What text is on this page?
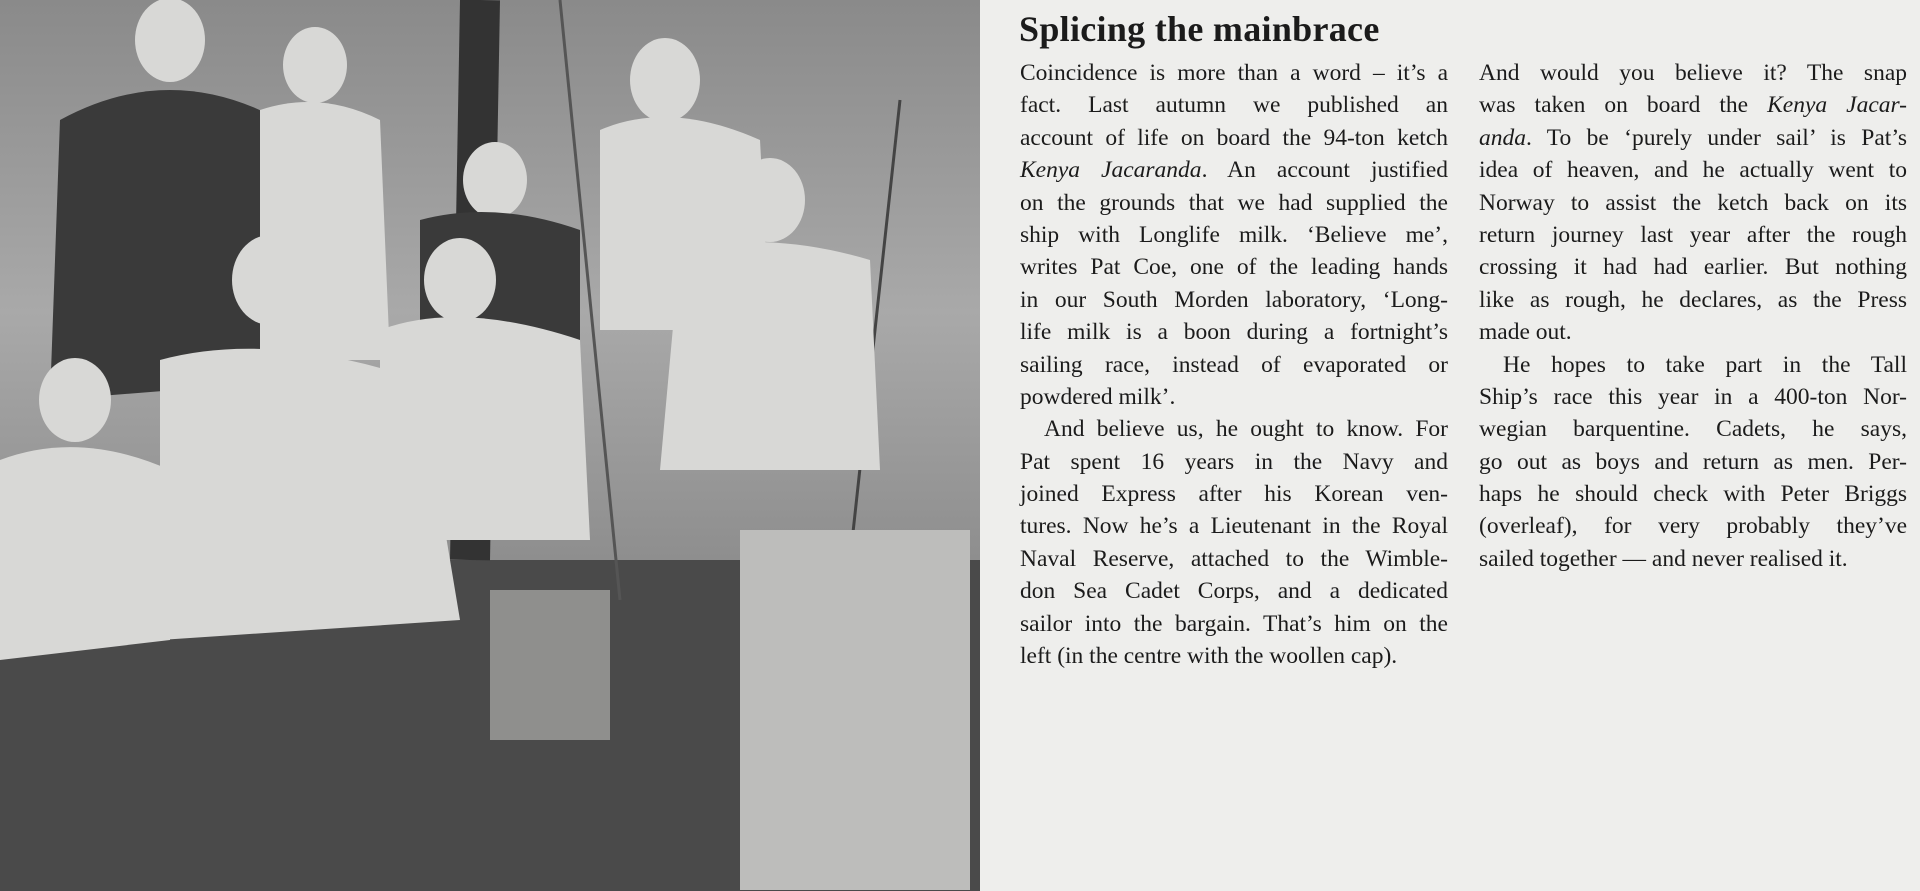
Splicing the mainbrace
Coincidence is more than a word – it’s a
fact. Last autumn we published an
account of life on board the 94-ton ketch
Kenya Jacaranda. An account justified
on the grounds that we had supplied the
ship with Longlife milk. ‘Believe me’,
writes Pat Coe, one of the leading hands
in our South Morden laboratory, ‘Long-
life milk is a boon during a fortnight’s
sailing race, instead of evaporated or
powdered milk’.
And believe us, he ought to know. For
Pat spent 16 years in the Navy and
joined Express after his Korean ven-
tures. Now he’s a Lieutenant in the Royal
Naval Reserve, attached to the Wimble-
don Sea Cadet Corps, and a dedicated
sailor into the bargain. That’s him on the
left (in the centre with the woollen cap).
And would you believe it? The snap
was taken on board the Kenya Jacar-
anda. To be ‘purely under sail’ is Pat’s
idea of heaven, and he actually went to
Norway to assist the ketch back on its
return journey last year after the rough
crossing it had had earlier. But nothing
like as rough, he declares, as the Press
made out.
He hopes to take part in the Tall
Ship’s race this year in a 400-ton Nor-
wegian barquentine. Cadets, he says,
go out as boys and return as men. Per-
haps he should check with Peter Briggs
(overleaf), for very probably they’ve
sailed together — and never realised it.
